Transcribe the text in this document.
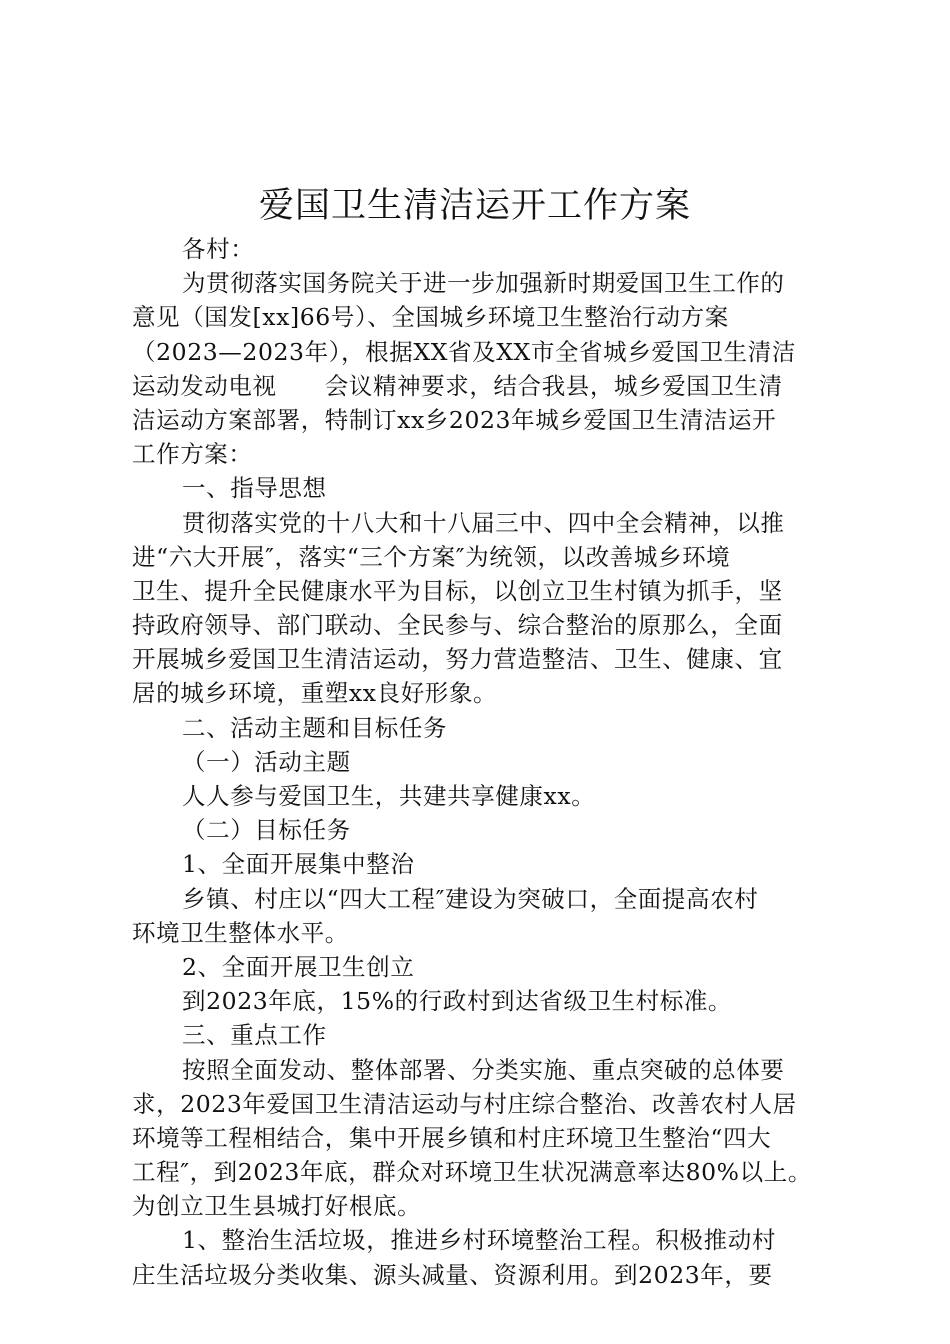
爱国卫生清洁运开工作方案
各村：
为贯彻落实国务院关于进一步加强新时期爱国卫生工作的
意见（国发[xx]66号）、全国城乡环境卫生整治行动方案
（2023—2023年），根据XX省及XX市全省城乡爱国卫生清洁
运动发动电视　　会议精神要求，结合我县，城乡爱国卫生清
洁运动方案部署，特制订xx乡2023年城乡爱国卫生清洁运开
工作方案：
一、指导思想
贯彻落实党的十八大和十八届三中、四中全会精神，以推
进“六大开展″，落实“三个方案″为统领，以改善城乡环境
卫生、提升全民健康水平为目标，以创立卫生村镇为抓手，坚
持政府领导、部门联动、全民参与、综合整治的原那么，全面
开展城乡爱国卫生清洁运动，努力营造整洁、卫生、健康、宜
居的城乡环境，重塑xx良好形象。
二、活动主题和目标任务
（一）活动主题
人人参与爱国卫生，共建共享健康xx。
（二）目标任务
1、全面开展集中整治
乡镇、村庄以“四大工程″建设为突破口，全面提高农村
环境卫生整体水平。
2、全面开展卫生创立
到2023年底，15%的行政村到达省级卫生村标准。
三、重点工作
按照全面发动、整体部署、分类实施、重点突破的总体要
求，2023年爱国卫生清洁运动与村庄综合整治、改善农村人居
环境等工程相结合，集中开展乡镇和村庄环境卫生整治“四大
工程″，到2023年底，群众对环境卫生状况满意率达80%以上。
为创立卫生县城打好根底。
1、整治生活垃圾，推进乡村环境整治工程。积极推动村
庄生活垃圾分类收集、源头减量、资源利用。到2023年，要
